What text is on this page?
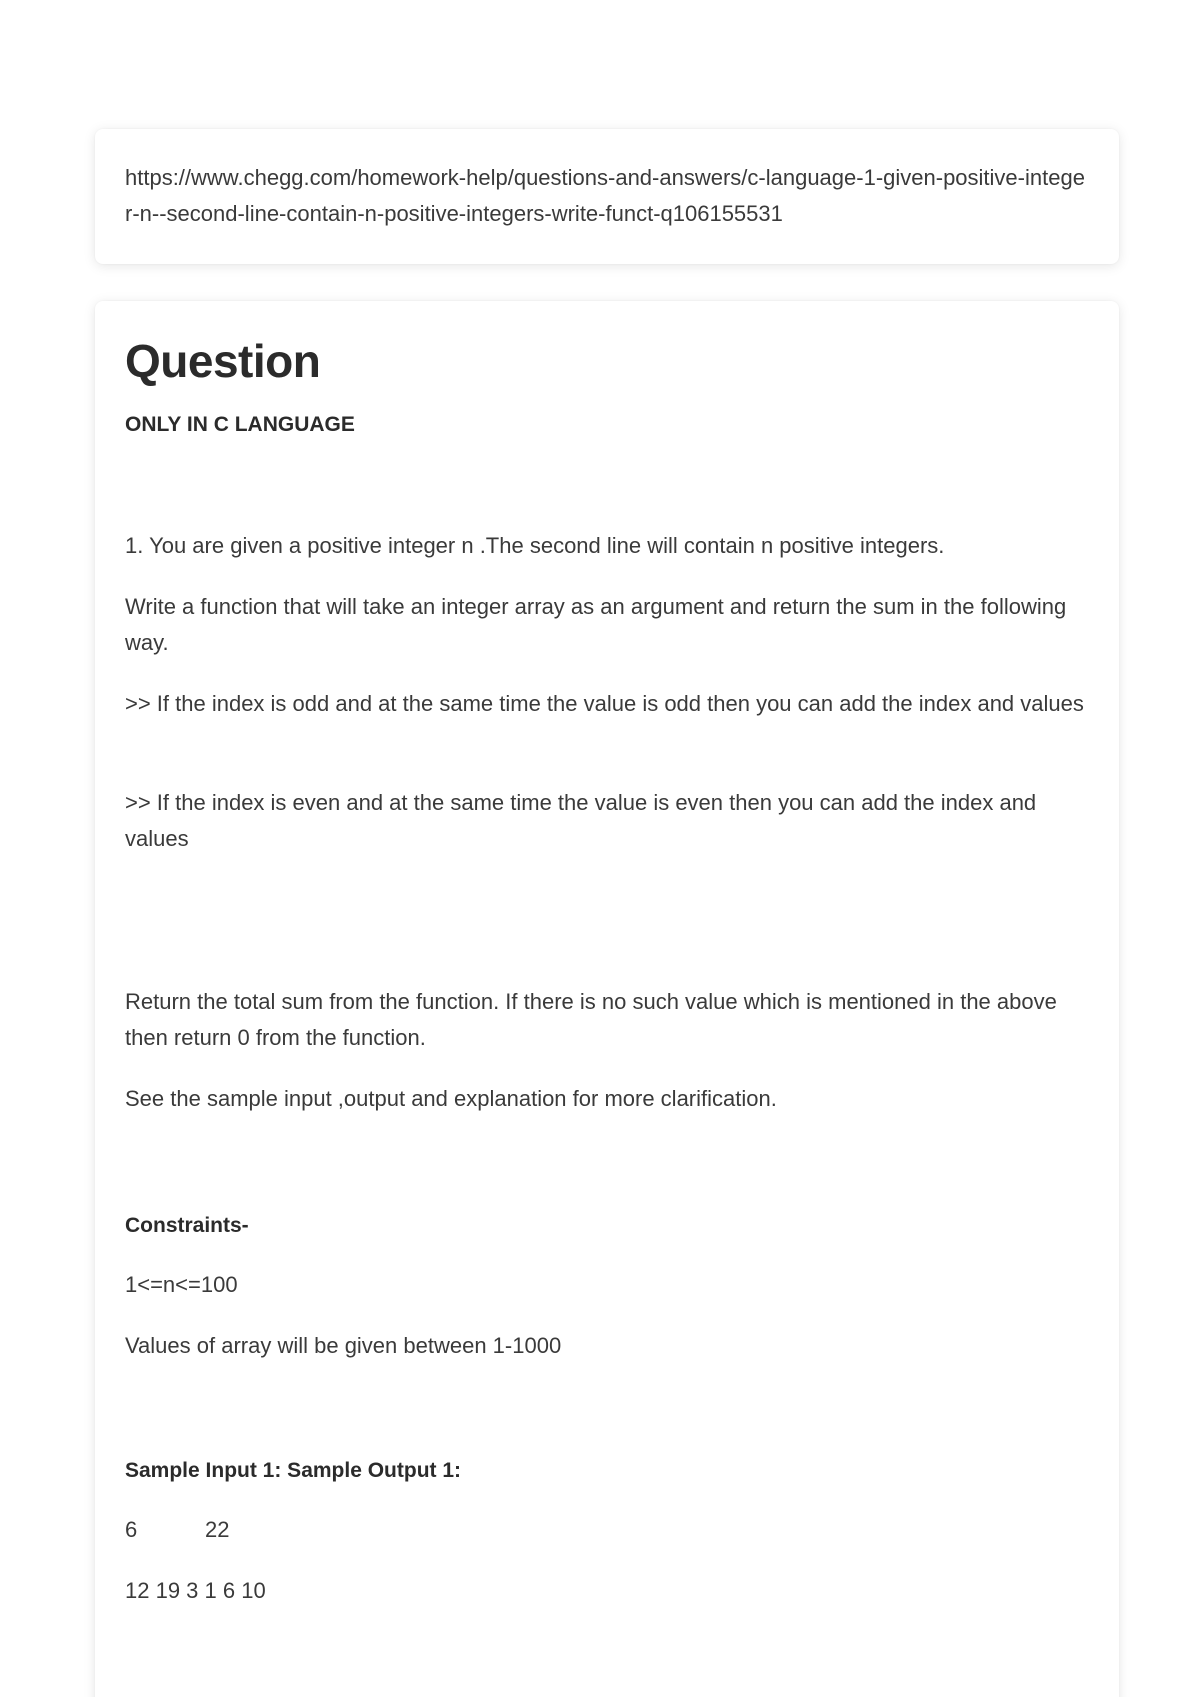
https://www.chegg.com/homework-help/questions-and-answers/c-language-1-given-positive-integer-n--second-line-contain-n-positive-integers-write-funct-q106155531

Question
ONLY IN C LANGUAGE

1. You are given a positive integer n .The second line will contain n positive integers.

Write a function that will take an integer array as an argument and return the sum in the following way.

>> If the index is odd and at the same time the value is odd then you can add the index and values

>> If the index is even and at the same time the value is even then you can add the index and values

Return the total sum from the function. If there is no such value which is mentioned in the above then return 0 from the function.

See the sample input ,output and explanation for more clarification.

Constraints-

1<=n<=100

Values of array will be given between 1-1000

Sample Input 1: Sample Output 1:

6	22

12 19 3 1 6 10
